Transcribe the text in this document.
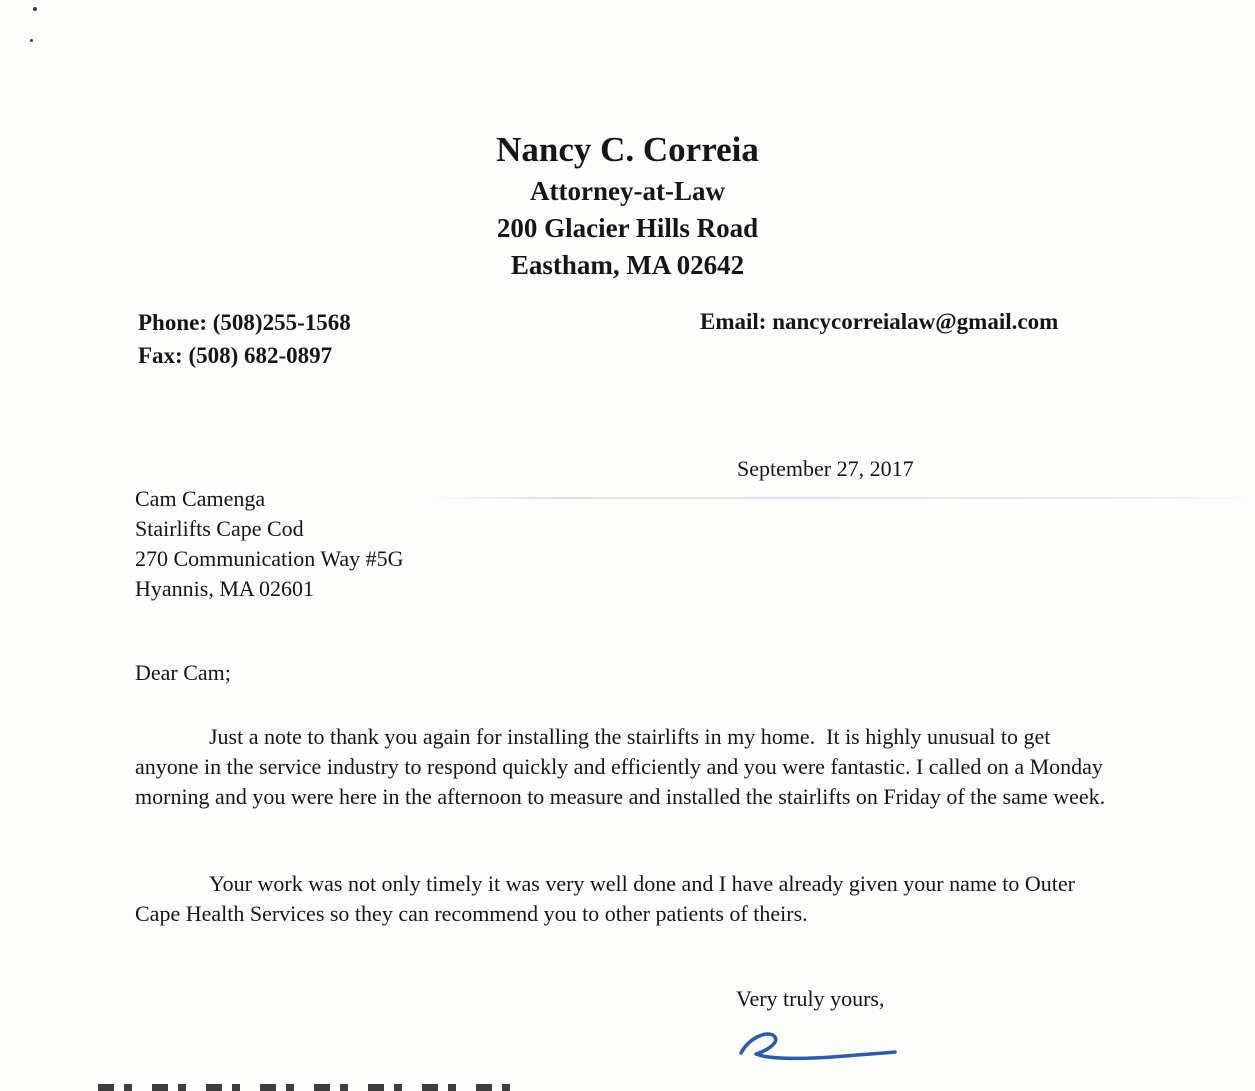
Nancy C. Correia
Attorney-at-Law
200 Glacier Hills Road
Eastham, MA 02642
Phone: (508)255-1568
Fax: (508) 682-0897
Email: nancycorreialaw@gmail.com
September 27, 2017
Cam Camenga
Stairlifts Cape Cod
270 Communication Way #5G
Hyannis, MA 02601
Dear Cam;

Just a note to thank you again for installing the stairlifts in my home.  It is highly unusual to get anyone in the service industry to respond quickly and efficiently and you were fantastic. I called on a Monday morning and you were here in the afternoon to measure and installed the stairlifts on Friday of the same week.

Your work was not only timely it was very well done and I have already given your name to Outer Cape Health Services so they can recommend you to other patients of theirs.

Very truly yours,
